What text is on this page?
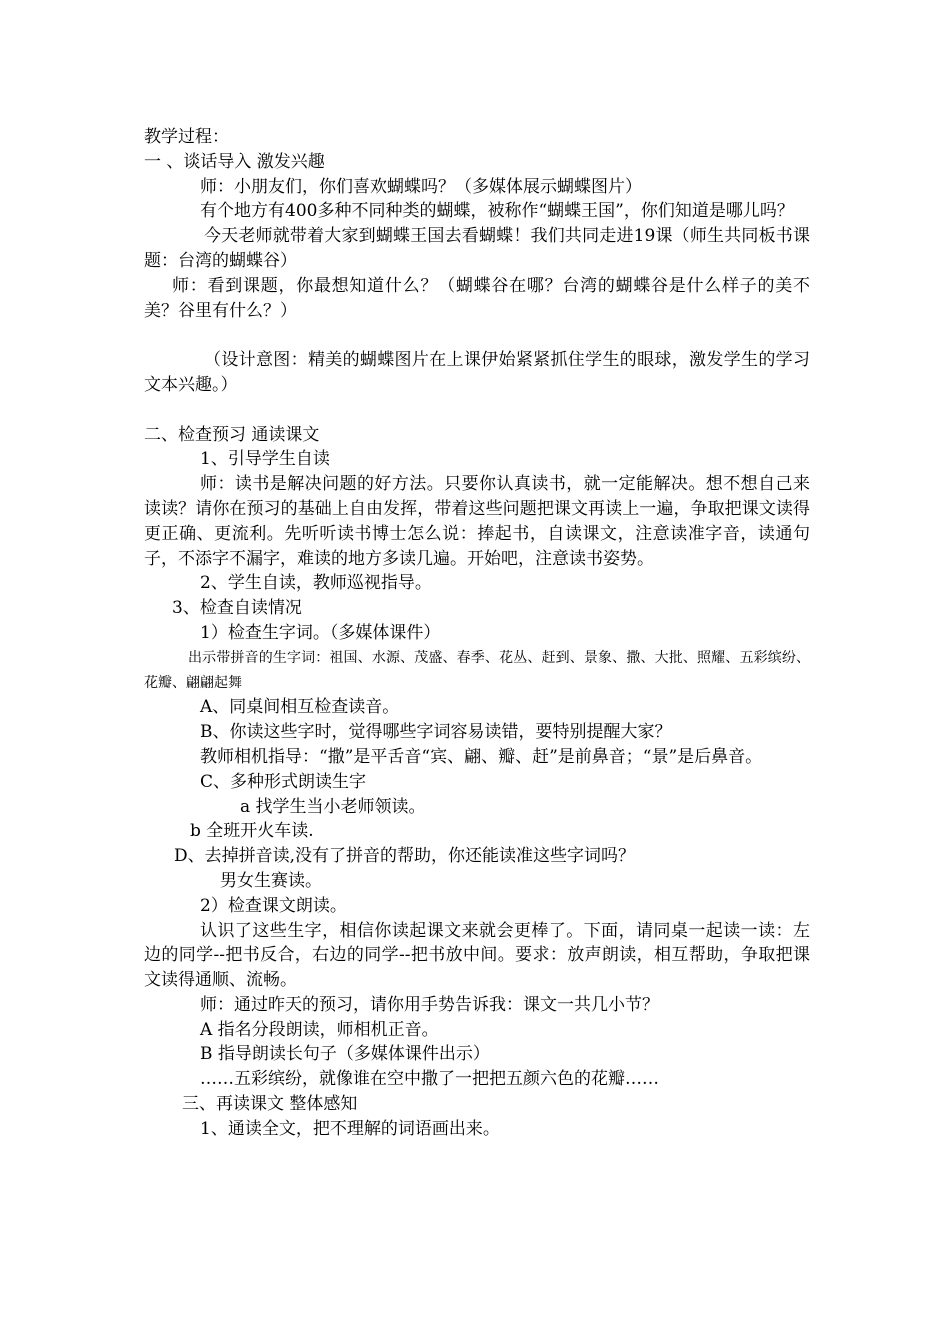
教学过程：

一 、谈话导入 激发兴趣

师：小朋友们，你们喜欢蝴蝶吗？（多媒体展示蝴蝶图片）

有个地方有400多种不同种类的蝴蝶，被称作“蝴蝶王国”，你们知道是哪儿吗？

今天老师就带着大家到蝴蝶王国去看蝴蝶！我们共同走进19课（师生共同板书课题：台湾的蝴蝶谷）

师：看到课题，你最想知道什么？（蝴蝶谷在哪？台湾的蝴蝶谷是什么样子的美不美？谷里有什么？）

（设计意图：精美的蝴蝶图片在上课伊始紧紧抓住学生的眼球，激发学生的学习文本兴趣。）

二、检查预习 通读课文

1、引导学生自读

师：读书是解决问题的好方法。只要你认真读书，就一定能解决。想不想自己来读读？请你在预习的基础上自由发挥，带着这些问题把课文再读上一遍，争取把课文读得更正确、更流利。先听听读书博士怎么说：捧起书，自读课文，注意读准字音，读通句子，不添字不漏字，难读的地方多读几遍。开始吧，注意读书姿势。

2、学生自读，教师巡视指导。

3、检查自读情况

1）检查生字词。（多媒体课件）

出示带拼音的生字词：祖国、水源、茂盛、春季、花丛、赶到、景象、撒、大批、照耀、五彩缤纷、花瓣、翩翩起舞

A、同桌间相互检查读音。

B、你读这些字时，觉得哪些字词容易读错，要特别提醒大家？

教师相机指导：“撒”是平舌音“宾、翩、瓣、赶”是前鼻音；“景”是后鼻音。

C、多种形式朗读生字

a 找学生当小老师领读。

b 全班开火车读.

D、去掉拼音读,没有了拼音的帮助，你还能读准这些字词吗？

男女生赛读。

2）检查课文朗读。

认识了这些生字，相信你读起课文来就会更棒了。下面，请同桌一起读一读：左边的同学--把书反合，右边的同学--把书放中间。要求：放声朗读，相互帮助，争取把课文读得通顺、流畅。

师：通过昨天的预习，请你用手势告诉我：课文一共几小节？

A 指名分段朗读，师相机正音。

B 指导朗读长句子（多媒体课件出示）

……五彩缤纷，就像谁在空中撒了一把把五颜六色的花瓣……

三、再读课文 整体感知

1、通读全文，把不理解的词语画出来。
